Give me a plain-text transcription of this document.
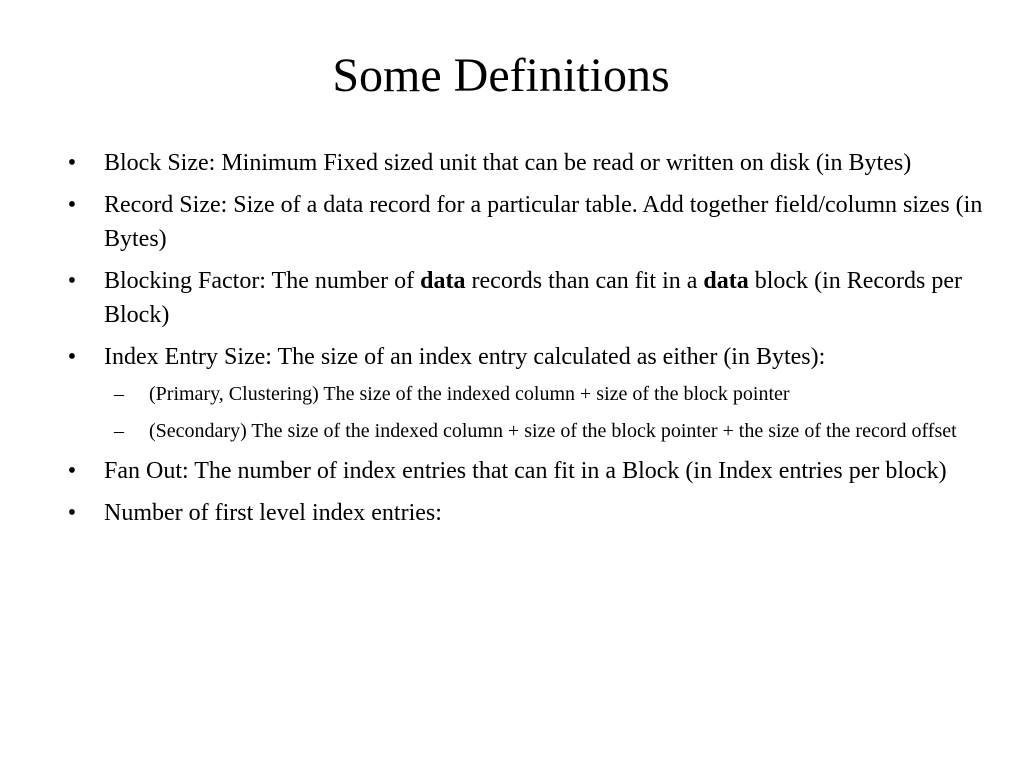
Some Definitions
• Block Size: Minimum Fixed sized unit that can be read or written on disk (in Bytes)
• Record Size: Size of a data record for a particular table. Add together field/column sizes (in Bytes)
• Blocking Factor: The number of data records than can fit in a data block (in Records per Block)
• Index Entry Size: The size of an index entry calculated as either (in Bytes):
– (Primary, Clustering) The size of the indexed column + size of the block pointer
– (Secondary) The size of the indexed column + size of the block pointer + the size of the record offset
• Fan Out: The number of index entries that can fit in a Block (in Index entries per block)
• Number of first level index entries:
